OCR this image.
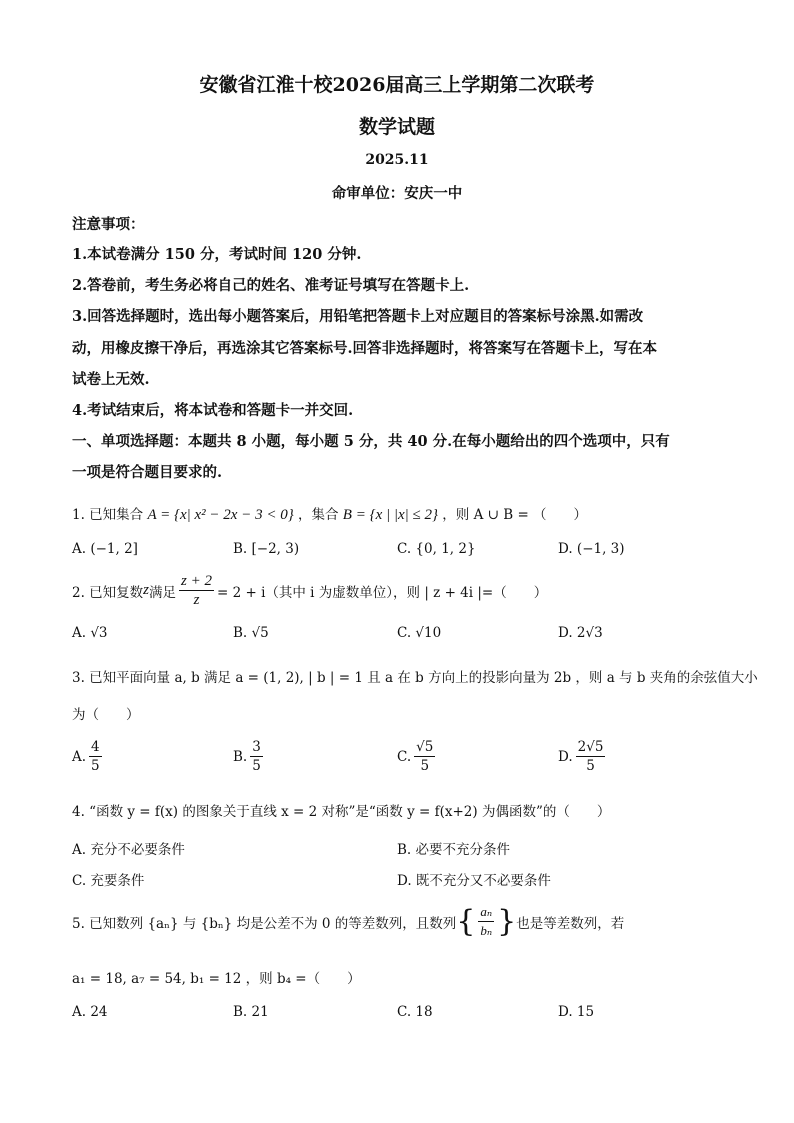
安徽省江淮十校2026届高三上学期第二次联考
数学试题
2025.11
命审单位：安庆一中
注意事项：
1.本试卷满分 150 分，考试时间 120 分钟.
2.答卷前，考生务必将自己的姓名、准考证号填写在答题卡上.
3.回答选择题时，选出每小题答案后，用铅笔把答题卡上对应题目的答案标号涂黑.如需改
动，用橡皮擦干净后，再选涂其它答案标号.回答非选择题时，将答案写在答题卡上，写在本
试卷上无效.
4.考试结束后，将本试卷和答题卡一并交回.
一、单项选择题：本题共 8 小题，每小题 5 分，共 40 分.在每小题给出的四个选项中，只有
一项是符合题目要求的.
1. 已知集合 A = {x| x² − 2x − 3 < 0} ，集合 B = {x | |x| ≤ 2} ，则 A ∪ B = （　　）
A. (−1, 2]	B. [−2, 3)	C. {0, 1, 2}	D. (−1, 3)
2. 已知复数 z 满足 $\frac{z + 2}{z} = 2 + i$（其中 i 为虚数单位），则 | z + 4i |=（　　）
A. √3	B. √5	C. √10	D. 2√3
3. 已知平面向量 a, b 满足 a = (1, 2), | b | = 1 且 a 在 b 方向上的投影向量为 2b ，则 a 与 b 夹角的余弦值大小
为（　　）
A. $\frac{4}{5}$	B. $\frac{3}{5}$	C. $\frac{√5}{5}$	D. $\frac{2√5}{5}$
4. “函数 y = f(x) 的图象关于直线 x = 2 对称”是“函数 y = f(x+2) 为偶函数”的（　　）
A. 充分不必要条件	B. 必要不充分条件
C. 充要条件	D. 既不充分又不必要条件
5. 已知数列 {aₙ} 与 {bₙ} 均是公差不为 0 的等差数列，且数列 { $\frac{\text{aₙ}}{\text{bₙ}}$ } 也是等差数列，若
a₁ = 18, a₇ = 54, b₁ = 12 ，则 b₄ =（　　）
A. 24	B. 21	C. 18	D. 15
